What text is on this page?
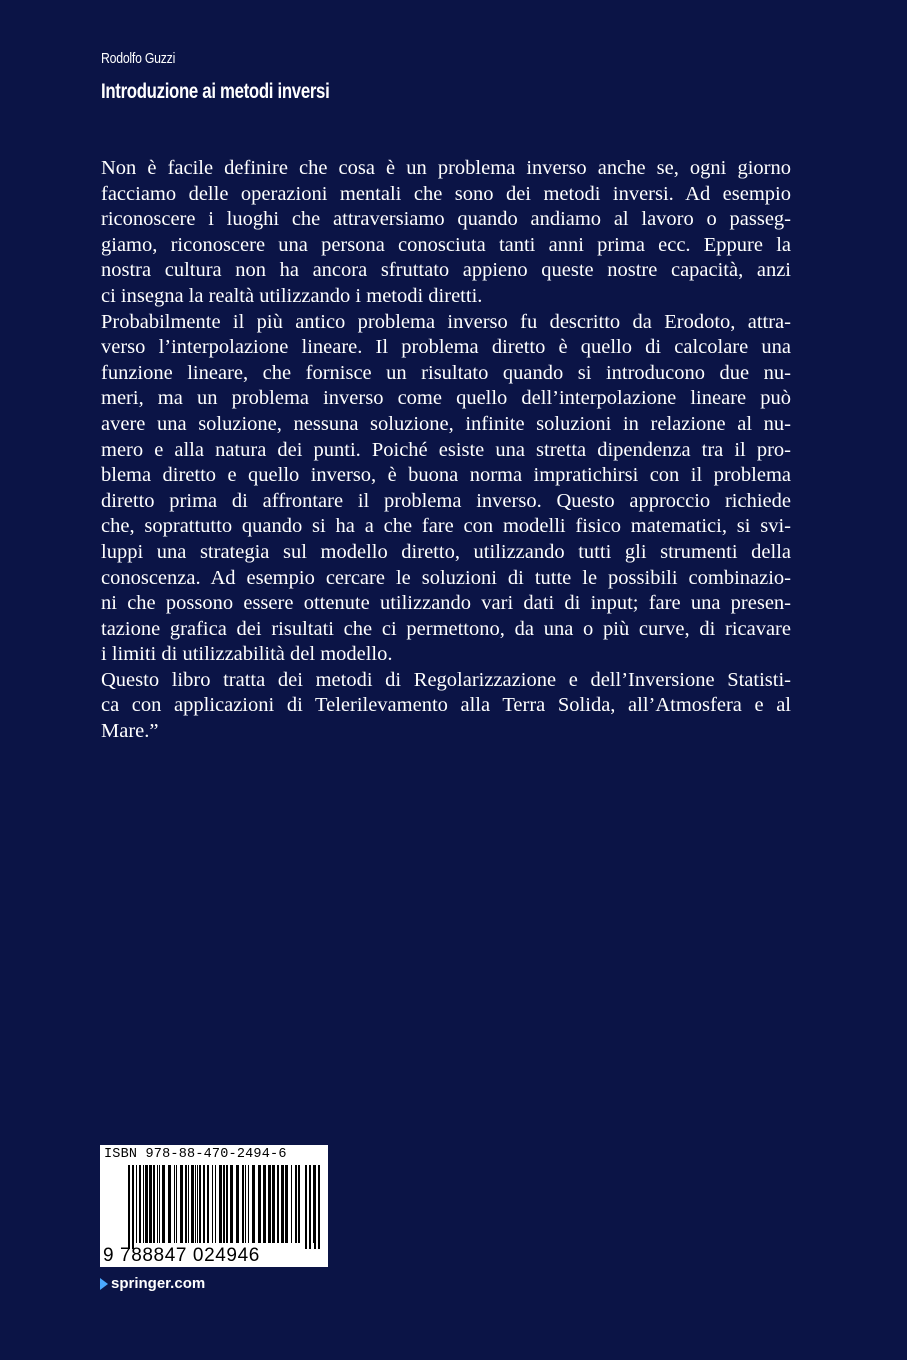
Rodolfo Guzzi
Introduzione ai metodi inversi
Non è facile definire che cosa è un problema inverso anche se, ogni giorno
facciamo delle operazioni mentali che sono dei metodi inversi. Ad esempio
riconoscere i luoghi che attraversiamo quando andiamo al lavoro o passeg-
giamo, riconoscere una persona conosciuta tanti anni prima ecc. Eppure la
nostra cultura non ha ancora sfruttato appieno queste nostre capacità, anzi
ci insegna la realtà utilizzando i metodi diretti.
Probabilmente il più antico problema inverso fu descritto da Erodoto, attra-
verso l’interpolazione lineare. Il problema diretto è quello di calcolare una
funzione lineare, che fornisce un risultato quando si introducono due nu-
meri, ma un problema inverso come quello dell’interpolazione lineare può
avere una soluzione, nessuna soluzione, infinite soluzioni in relazione al nu-
mero e alla natura dei punti. Poiché esiste una stretta dipendenza tra il pro-
blema diretto e quello inverso, è buona norma impratichirsi con il problema
diretto prima di affrontare il problema inverso. Questo approccio richiede
che, soprattutto quando si ha a che fare con modelli fisico matematici, si svi-
luppi una strategia sul modello diretto, utilizzando tutti gli strumenti della
conoscenza. Ad esempio cercare le soluzioni di tutte le possibili combinazio-
ni che possono essere ottenute utilizzando vari dati di input; fare una presen-
tazione grafica dei risultati che ci permettono, da una o più curve, di ricavare
i limiti di utilizzabilità del modello.
Questo libro tratta dei metodi di Regolarizzazione e dell’Inversione Statisti-
ca con applicazioni di Telerilevamento alla Terra Solida, all’Atmosfera e al
Mare.”
ISBN 978-88-470-2494-6
9 788847 024946
springer.com
